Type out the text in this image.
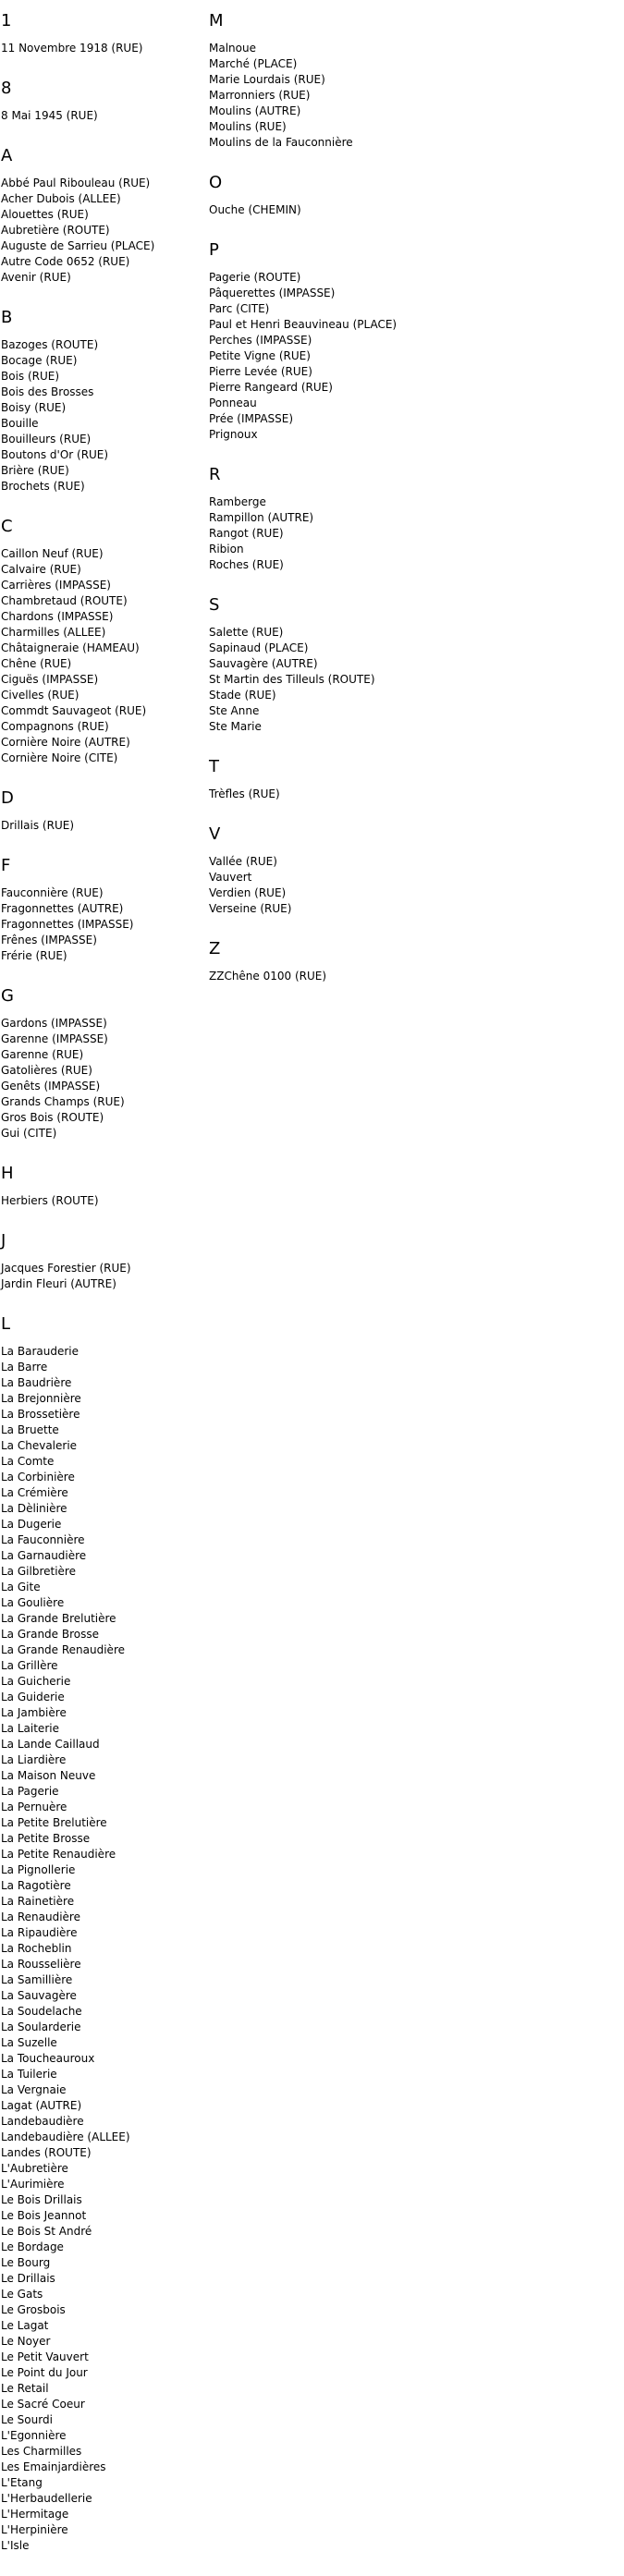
1
11 Novembre 1918 (RUE)
8
8 Mai 1945 (RUE)
A
Abbé Paul Ribouleau (RUE)
Acher Dubois (ALLEE)
Alouettes (RUE)
Aubretière (ROUTE)
Auguste de Sarrieu (PLACE)
Autre Code 0652 (RUE)
Avenir (RUE)
B
Bazoges (ROUTE)
Bocage (RUE)
Bois (RUE)
Bois des Brosses
Boisy (RUE)
Bouille
Bouilleurs (RUE)
Boutons d'Or (RUE)
Brière (RUE)
Brochets (RUE)
C
Caillon Neuf (RUE)
Calvaire (RUE)
Carrières (IMPASSE)
Chambretaud (ROUTE)
Chardons (IMPASSE)
Charmilles (ALLEE)
Châtaigneraie (HAMEAU)
Chêne (RUE)
Ciguës (IMPASSE)
Civelles (RUE)
Commdt Sauvageot (RUE)
Compagnons (RUE)
Cornière Noire (AUTRE)
Cornière Noire (CITE)
D
Drillais (RUE)
F
Fauconnière (RUE)
Fragonnettes (AUTRE)
Fragonnettes (IMPASSE)
Frênes (IMPASSE)
Frérie (RUE)
G
Gardons (IMPASSE)
Garenne (IMPASSE)
Garenne (RUE)
Gatolières (RUE)
Genêts (IMPASSE)
Grands Champs (RUE)
Gros Bois (ROUTE)
Gui (CITE)
H
Herbiers (ROUTE)
J
Jacques Forestier (RUE)
Jardin Fleuri (AUTRE)
L
La Barauderie
La Barre
La Baudrière
La Brejonnière
La Brossetière
La Bruette
La Chevalerie
La Comte
La Corbinière
La Crémière
La Dèlinière
La Dugerie
La Fauconnière
La Garnaudière
La Gilbretière
La Gite
La Goulière
La Grande Brelutière
La Grande Brosse
La Grande Renaudière
La Grillère
La Guicherie
La Guiderie
La Jambière
La Laiterie
La Lande Caillaud
La Liardière
La Maison Neuve
La Pagerie
La Pernuère
La Petite Brelutière
La Petite Brosse
La Petite Renaudière
La Pignollerie
La Ragotière
La Rainetière
La Renaudière
La Ripaudière
La Rocheblin
La Rousselière
La Samillière
La Sauvagère
La Soudelache
La Soularderie
La Suzelle
La Toucheauroux
La Tuilerie
La Vergnaie
Lagat (AUTRE)
Landebaudière
Landebaudière (ALLEE)
Landes (ROUTE)
L'Aubretière
L'Aurimière
Le Bois Drillais
Le Bois Jeannot
Le Bois St André
Le Bordage
Le Bourg
Le Drillais
Le Gats
Le Grosbois
Le Lagat
Le Noyer
Le Petit Vauvert
Le Point du Jour
Le Retail
Le Sacré Coeur
Le Sourdi
L'Egonnière
Les Charmilles
Les Emainjardières
L'Etang
L'Herbaudellerie
L'Hermitage
L'Herpinière
L'Isle
M
Malnoue
Marché (PLACE)
Marie Lourdais (RUE)
Marronniers (RUE)
Moulins (AUTRE)
Moulins (RUE)
Moulins de la Fauconnière
O
Ouche (CHEMIN)
P
Pagerie (ROUTE)
Pâquerettes (IMPASSE)
Parc (CITE)
Paul et Henri Beauvineau (PLACE)
Perches (IMPASSE)
Petite Vigne (RUE)
Pierre Levée (RUE)
Pierre Rangeard (RUE)
Ponneau
Prée (IMPASSE)
Prignoux
R
Ramberge
Rampillon (AUTRE)
Rangot (RUE)
Ribion
Roches (RUE)
S
Salette (RUE)
Sapinaud (PLACE)
Sauvagère (AUTRE)
St Martin des Tilleuls (ROUTE)
Stade (RUE)
Ste Anne
Ste Marie
T
Trèfles (RUE)
V
Vallée (RUE)
Vauvert
Verdien (RUE)
Verseine (RUE)
Z
ZZChêne 0100 (RUE)
